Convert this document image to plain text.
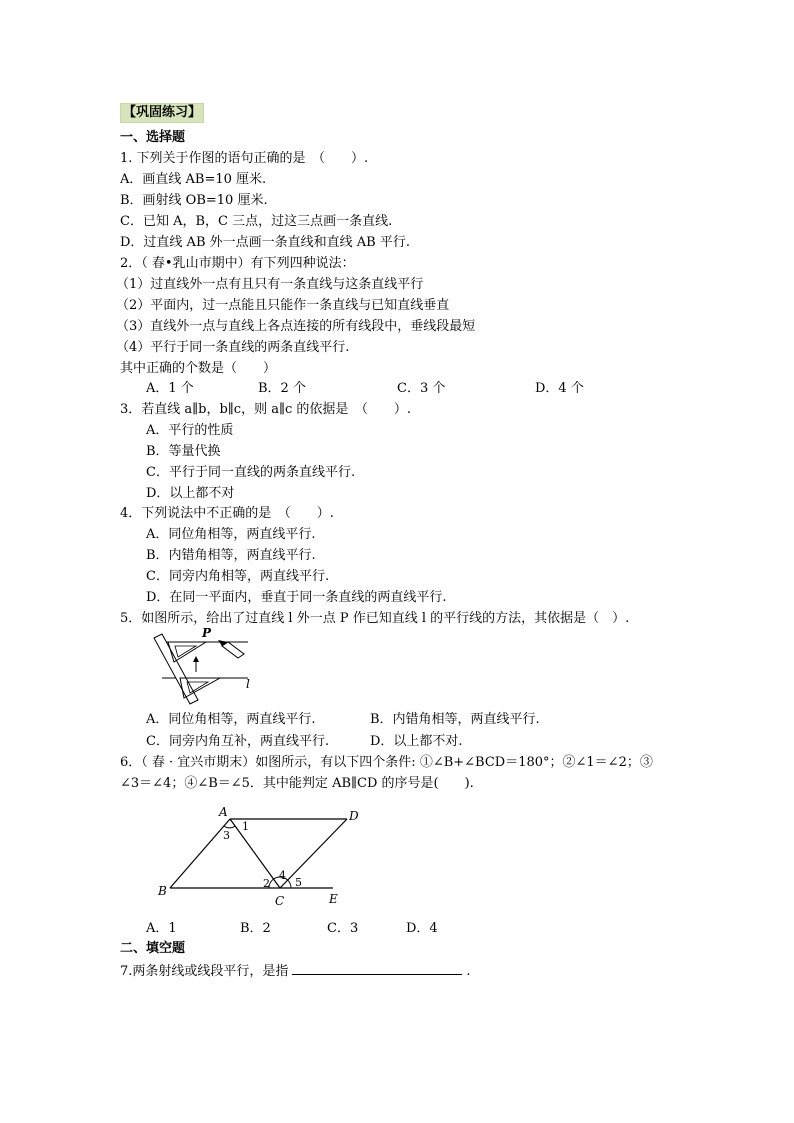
【巩固练习】
一、选择题
1. 下列关于作图的语句正确的是　（　　）.
A．画直线 AB=10 厘米.
B．画射线 OB=10 厘米.
C．已知 A，B，C 三点，过这三点画一条直线.
D．过直线 AB 外一点画一条直线和直线 AB 平行.
2．（ 春•乳山市期中）有下列四种说法：
（1）过直线外一点有且只有一条直线与这条直线平行
（2）平面内，过一点能且只能作一条直线与已知直线垂直
（3）直线外一点与直线上各点连接的所有线段中，垂线段最短
（4）平行于同一条直线的两条直线平行.
其中正确的个数是（　　）
A．1 个	B．2 个	C．3 个	D．4 个
3．若直线 a∥b，b∥c，则 a∥c 的依据是　（　　）.
A．平行的性质
B．等量代换
C．平行于同一直线的两条直线平行.
D．以上都不对
4．下列说法中不正确的是　（　　）.
A．同位角相等，两直线平行.
B．内错角相等，两直线平行.
C．同旁内角相等，两直线平行.
D．在同一平面内，垂直于同一条直线的两直线平行.
5．如图所示，给出了过直线 l 外一点 P 作已知直线 l 的平行线的方法，其依据是（　）.
P
l
A．同位角相等，两直线平行.	B．内错角相等，两直线平行.
C．同旁内角互补，两直线平行.	D．以上都不对.
6．（ 春 · 宜兴市期末）如图所示，有以下四个条件: ①∠B+∠BCD＝180°；②∠1＝∠2；③
∠3＝∠4；④∠B＝∠5．其中能判定 AB∥CD 的序号是(　　).
A	D
B
C	E
1
2
3
4
5
A．1	B．2	C．3	D．4
二、填空题
7.两条射线或线段平行，是指	.
